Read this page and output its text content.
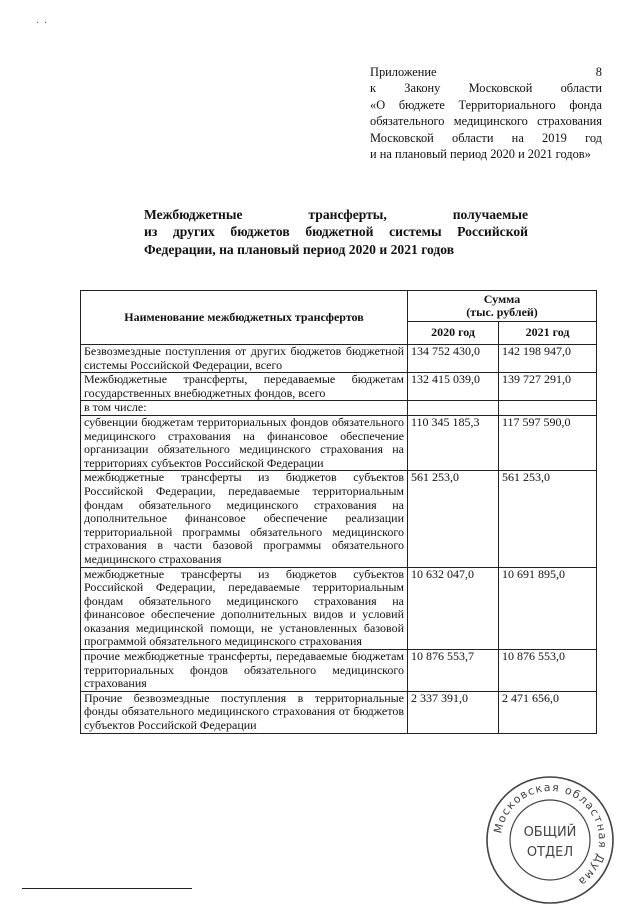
· ·
Приложение 8
к Закону Московской области
«О бюджете Территориального фонда
обязательного медицинского страхования
Московской области на 2019 год
и на плановый период 2020 и 2021 годов»
Межбюджетные трансферты, получаемые
из других бюджетов бюджетной системы Российской
Федерации, на плановый период 2020 и 2021 годов
Наименование межбюджетных трансфертов	Сумма
(тыс. рублей)	

	2020 год	2021 год
Безвозмездные поступления от других бюджетов бюджетной системы Российской Федерации, всего	134 752 430,0	142 198 947,0
Межбюджетные трансферты, передаваемые бюджетам государственных внебюджетных фондов, всего	132 415 039,0	139 727 291,0
в том числе:		
субвенции бюджетам территориальных фондов обязательного медицинского страхования на финансовое обеспечение организации обязательного медицинского страхования на территориях субъектов Российской Федерации	110 345 185,3	117 597 590,0
межбюджетные трансферты из бюджетов субъектов Российской Федерации, передаваемые территориальным фондам обязательного медицинского страхования на дополнительное финансовое обеспечение реализации территориальной программы обязательного медицинского страхования в части базовой программы обязательного медицинского страхования	561 253,0	561 253,0
межбюджетные трансферты из бюджетов субъектов Российской Федерации, передаваемые территориальным фондам обязательного медицинского страхования на финансовое обеспечение дополнительных видов и условий оказания медицинской помощи, не установленных базовой программой обязательного медицинского страхования	10 632 047,0	10 691 895,0
прочие межбюджетные трансферты, передаваемые бюджетам территориальных фондов обязательного медицинского страхования	10 876 553,7	10 876 553,0
Прочие безвозмездные поступления в территориальные фонды обязательного медицинского страхования от бюджетов субъектов Российской Федерации	2 337 391,0	2 471 656,0
Московская областная Дума
ОБЩИЙ
ОТДЕЛ
